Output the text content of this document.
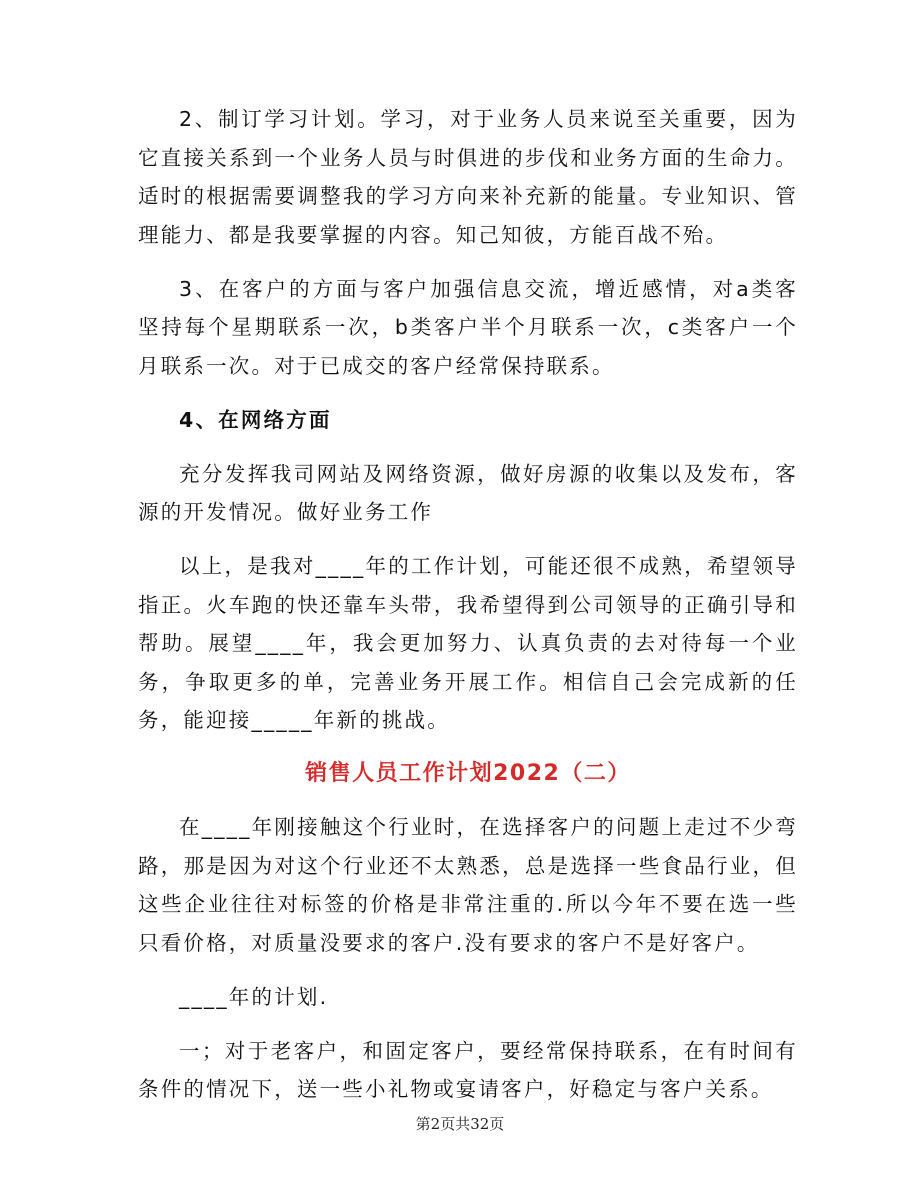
2、制订学习计划。学习，对于业务人员来说至关重要，因为它直接关系到一个业务人员与时俱进的步伐和业务方面的生命力。适时的根据需要调整我的学习方向来补充新的能量。专业知识、管理能力、都是我要掌握的内容。知己知彼，方能百战不殆。

3、在客户的方面与客户加强信息交流，增近感情，对a类客坚持每个星期联系一次，b类客户半个月联系一次，c类客户一个月联系一次。对于已成交的客户经常保持联系。

4、在网络方面

充分发挥我司网站及网络资源，做好房源的收集以及发布，客源的开发情况。做好业务工作

以上，是我对____年的工作计划，可能还很不成熟，希望领导指正。火车跑的快还靠车头带，我希望得到公司领导的正确引导和帮助。展望____年，我会更加努力、认真负责的去对待每一个业务，争取更多的单，完善业务开展工作。相信自己会完成新的任务，能迎接_____年新的挑战。

销售人员工作计划2022（二）

在____年刚接触这个行业时，在选择客户的问题上走过不少弯路，那是因为对这个行业还不太熟悉，总是选择一些食品行业，但这些企业往往对标签的价格是非常注重的.所以今年不要在选一些只看价格，对质量没要求的客户.没有要求的客户不是好客户。

____年的计划.

一；对于老客户，和固定客户，要经常保持联系，在有时间有条件的情况下，送一些小礼物或宴请客户，好稳定与客户关系。

第2页共32页
